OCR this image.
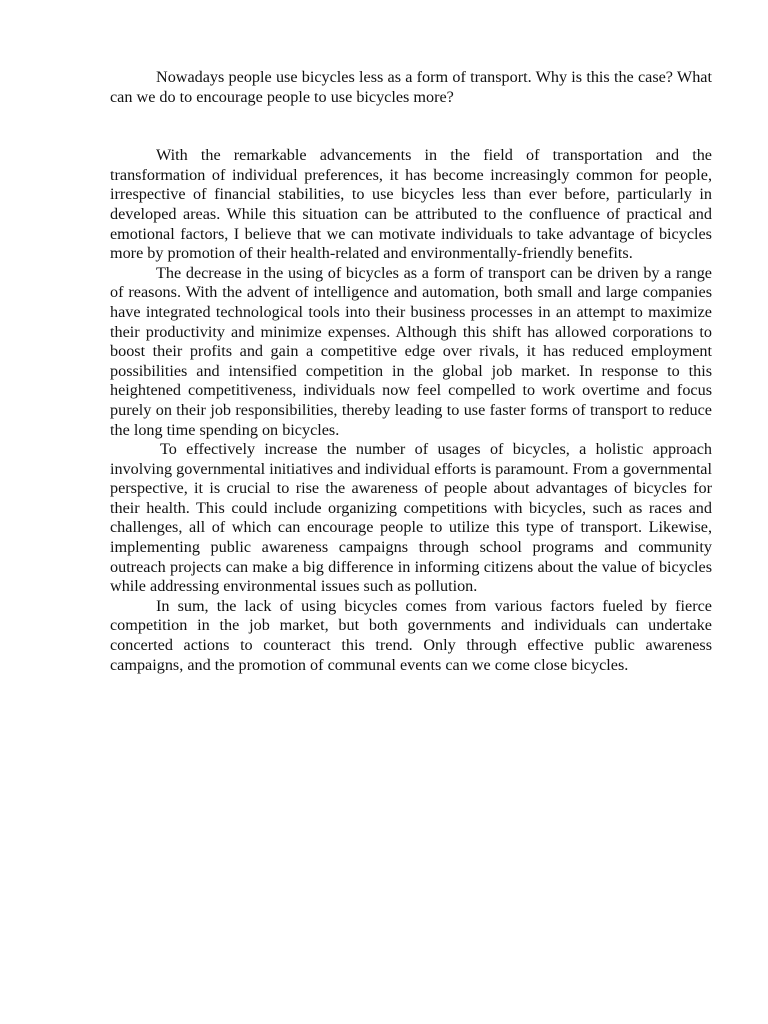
Nowadays people use bicycles less as a form of transport. Why is this the case? What can we do to encourage people to use bicycles more?

With the remarkable advancements in the field of transportation and the transformation of individual preferences, it has become increasingly common for people, irrespective of financial stabilities, to use bicycles less than ever before, particularly in developed areas. While this situation can be attributed to the confluence of practical and emotional factors, I believe that we can motivate individuals to take advantage of bicycles more by promotion of their health-related and environmentally-friendly benefits.

The decrease in the using of bicycles as a form of transport can be driven by a range of reasons. With the advent of intelligence and automation, both small and large companies have integrated technological tools into their business processes in an attempt to maximize their productivity and minimize expenses. Although this shift has allowed corporations to boost their profits and gain a competitive edge over rivals, it has reduced employment possibilities and intensified competition in the global job market. In response to this heightened competitiveness, individuals now feel compelled to work overtime and focus purely on their job responsibilities, thereby leading to use faster forms of transport to reduce the long time spending on bicycles.

To effectively increase the number of usages of bicycles, a holistic approach involving governmental initiatives and individual efforts is paramount. From a governmental perspective, it is crucial to rise the awareness of people about advantages of bicycles for their health. This could include organizing competitions with bicycles, such as races and challenges, all of which can encourage people to utilize this type of transport. Likewise, implementing public awareness campaigns through school programs and community outreach projects can make a big difference in informing citizens about the value of bicycles while addressing environmental issues such as pollution.

In sum, the lack of using bicycles comes from various factors fueled by fierce competition in the job market, but both governments and individuals can undertake concerted actions to counteract this trend. Only through effective public awareness campaigns, and the promotion of communal events can we come close bicycles.
